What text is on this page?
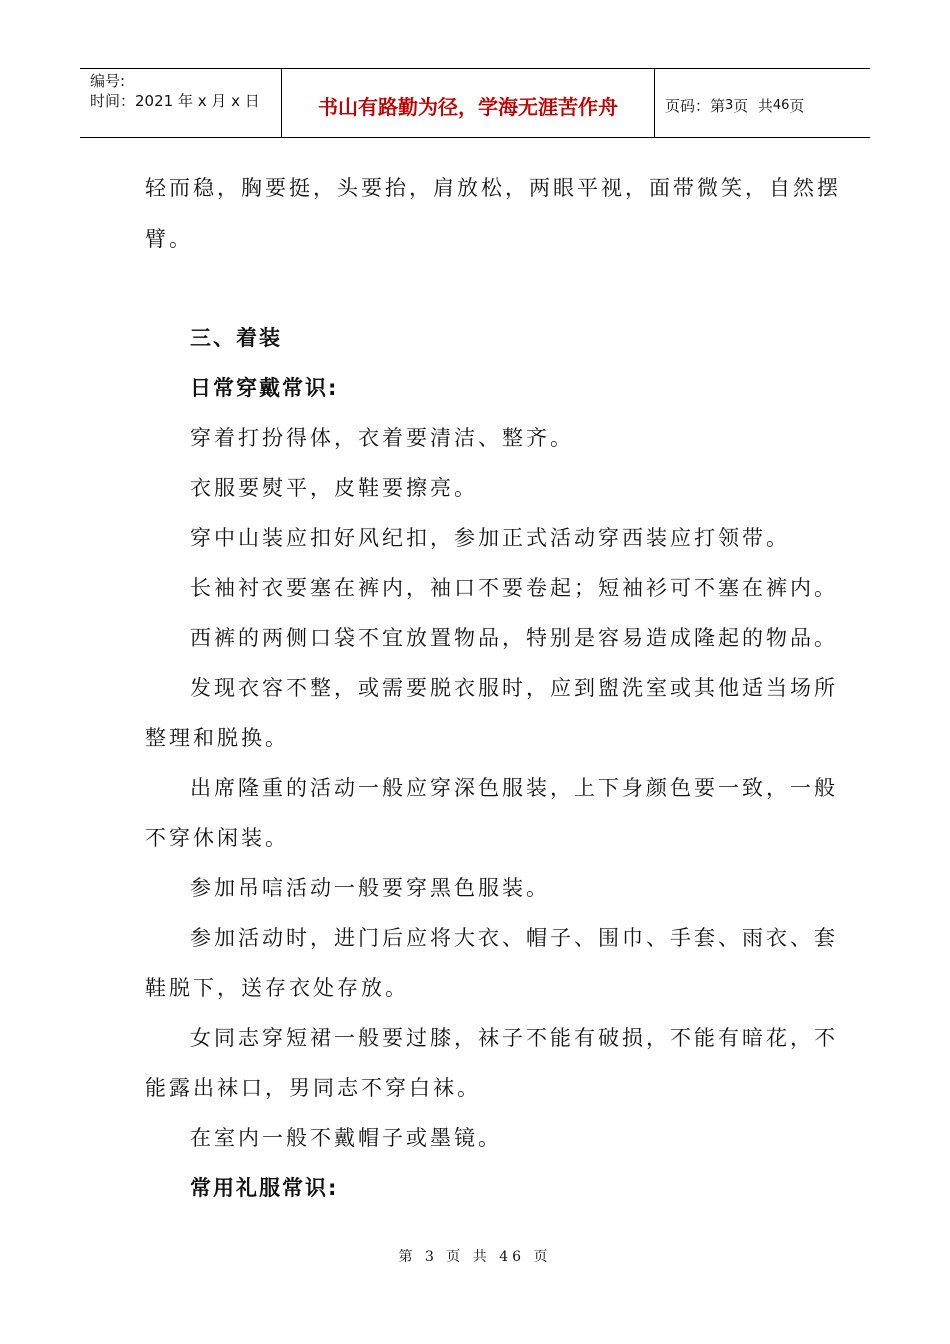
编号:
时间：2021 年 x 月 x 日	书山有路勤为径，学海无涯苦作舟	页码：第 3 页  共 46 页
轻而稳，胸要挺，头要抬，肩放松，两眼平视，面带微笑，自然摆
臂。
三、着装
日常穿戴常识:
穿着打扮得体，衣着要清洁、整齐。
衣服要熨平，皮鞋要擦亮。
穿中山装应扣好风纪扣，参加正式活动穿西装应打领带。
长袖衬衣要塞在裤内，袖口不要卷起；短袖衫可不塞在裤内。
西裤的两侧口袋不宜放置物品，特别是容易造成隆起的物品。
发现衣容不整，或需要脱衣服时，应到盥洗室或其他适当场所
整理和脱换。
出席隆重的活动一般应穿深色服装，上下身颜色要一致，一般
不穿休闲装。
参加吊唁活动一般要穿黑色服装。
参加活动时，进门后应将大衣、帽子、围巾、手套、雨衣、套
鞋脱下，送存衣处存放。
女同志穿短裙一般要过膝，袜子不能有破损，不能有暗花，不
能露出袜口，男同志不穿白袜。
在室内一般不戴帽子或墨镜。
常用礼服常识:
第 3 页 共 46 页
